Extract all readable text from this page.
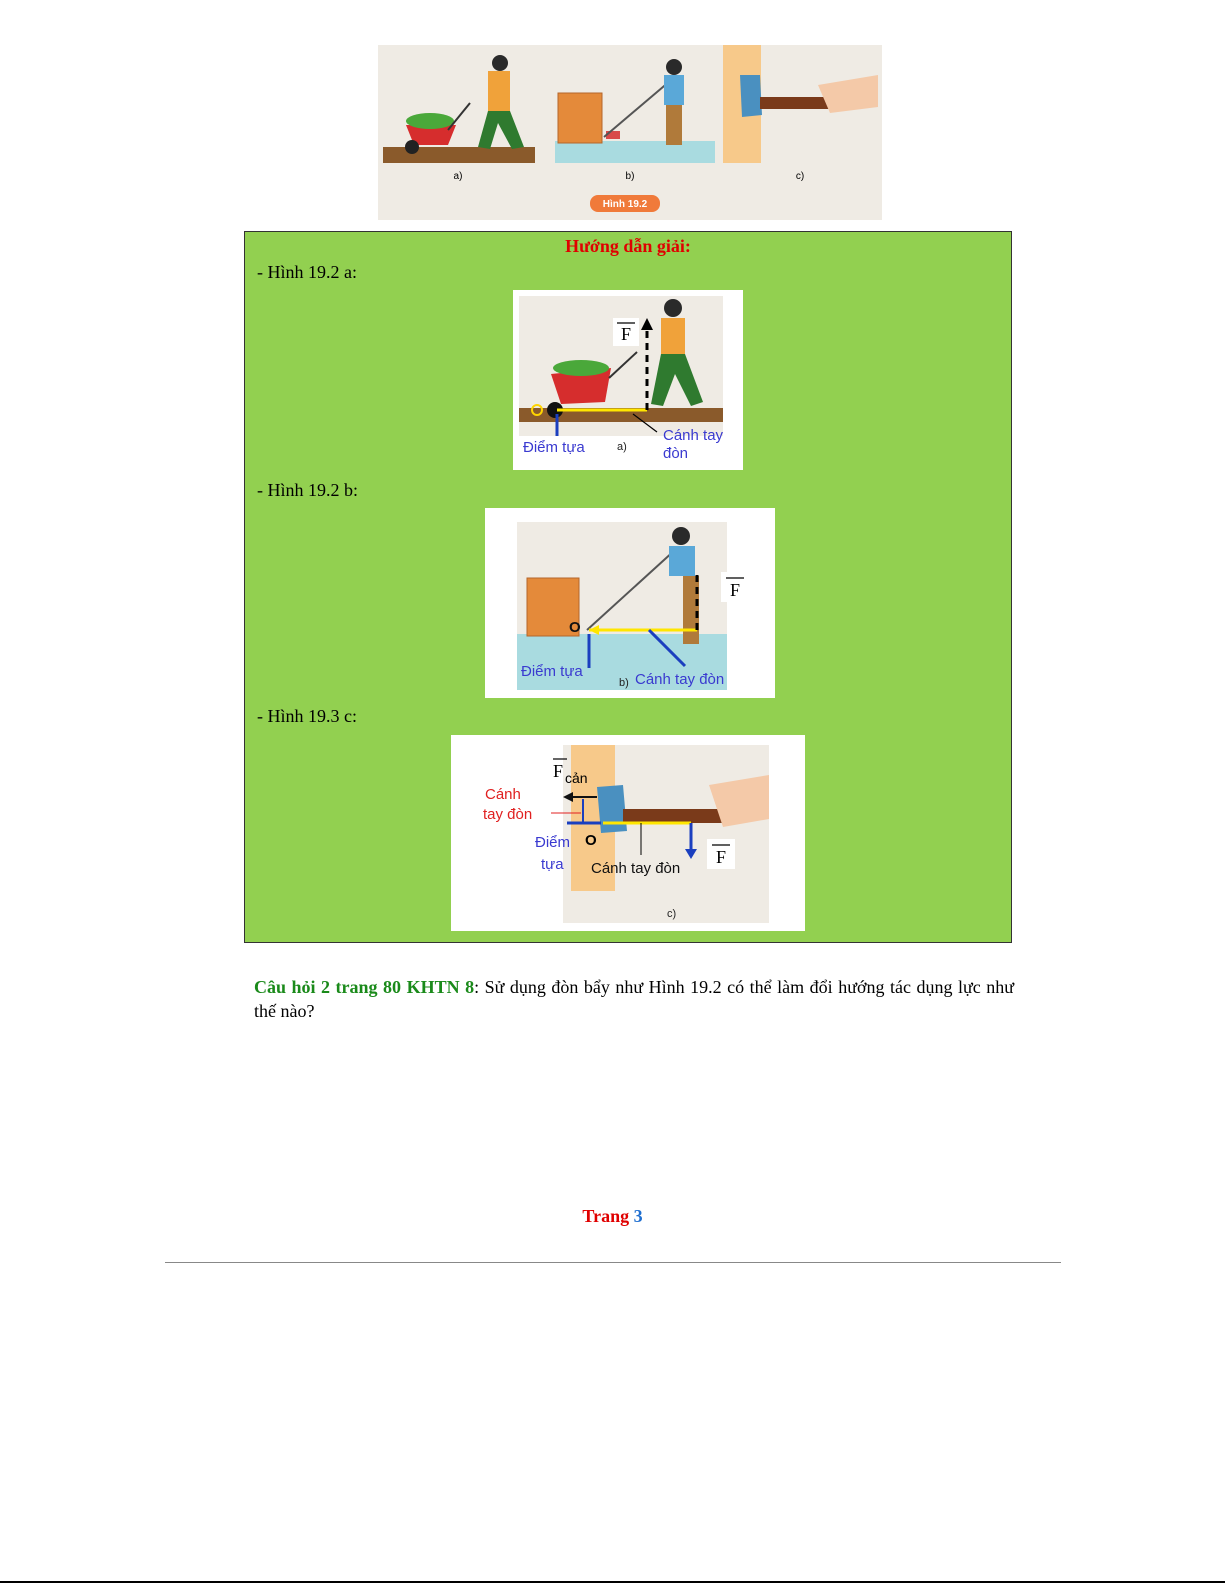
a)	b)	c)
Hình 19.2
Hướng dẫn giải:
- Hình 19.2 a:
F
Điểm tựa	a)
Cánh tay
đòn
- Hình 19.2 b:
F
O
Điểm tựa
b) Cánh tay đòn
- Hình 19.3 c:
F cản
Cánh
tay đòn
Điểm
tựa
O
Cánh tay đòn
F
c)
Câu hỏi 2 trang 80 KHTN 8: Sử dụng đòn bẩy như Hình 19.2 có thể làm đổi hướng tác dụng lực như thế nào?
Trang 3
